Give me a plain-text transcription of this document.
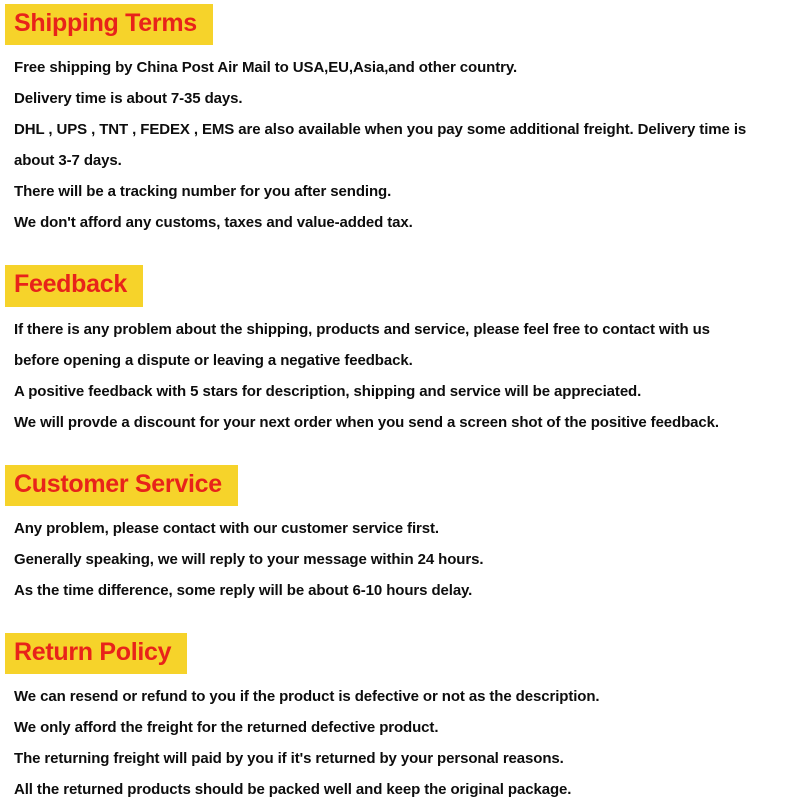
Shipping Terms
Free shipping by China Post Air Mail to USA,EU,Asia,and other country.
Delivery time is about 7-35 days.
DHL , UPS , TNT , FEDEX , EMS are also available when you pay some additional freight. Delivery time is
about 3-7 days.
There will be a tracking number for you after sending.
We don't afford any customs, taxes and value-added tax.
Feedback
If there is any problem about the shipping, products and service, please feel free to contact with us
before opening a dispute or leaving a negative feedback.
A positive feedback with 5 stars for description, shipping and service will be appreciated.
We will provde a discount for your next order when you send a screen shot of the positive feedback.
Customer Service
Any problem, please contact with our customer service first.
Generally speaking, we will reply to your message within 24 hours.
As the time difference, some reply will be about 6-10 hours delay.
Return Policy
We can resend or refund to you if the product is defective or not as the description.
We only afford the freight for the returned defective product.
The returning freight will paid by you if it's returned by your personal reasons.
All the returned products should be packed well and keep the original package.
